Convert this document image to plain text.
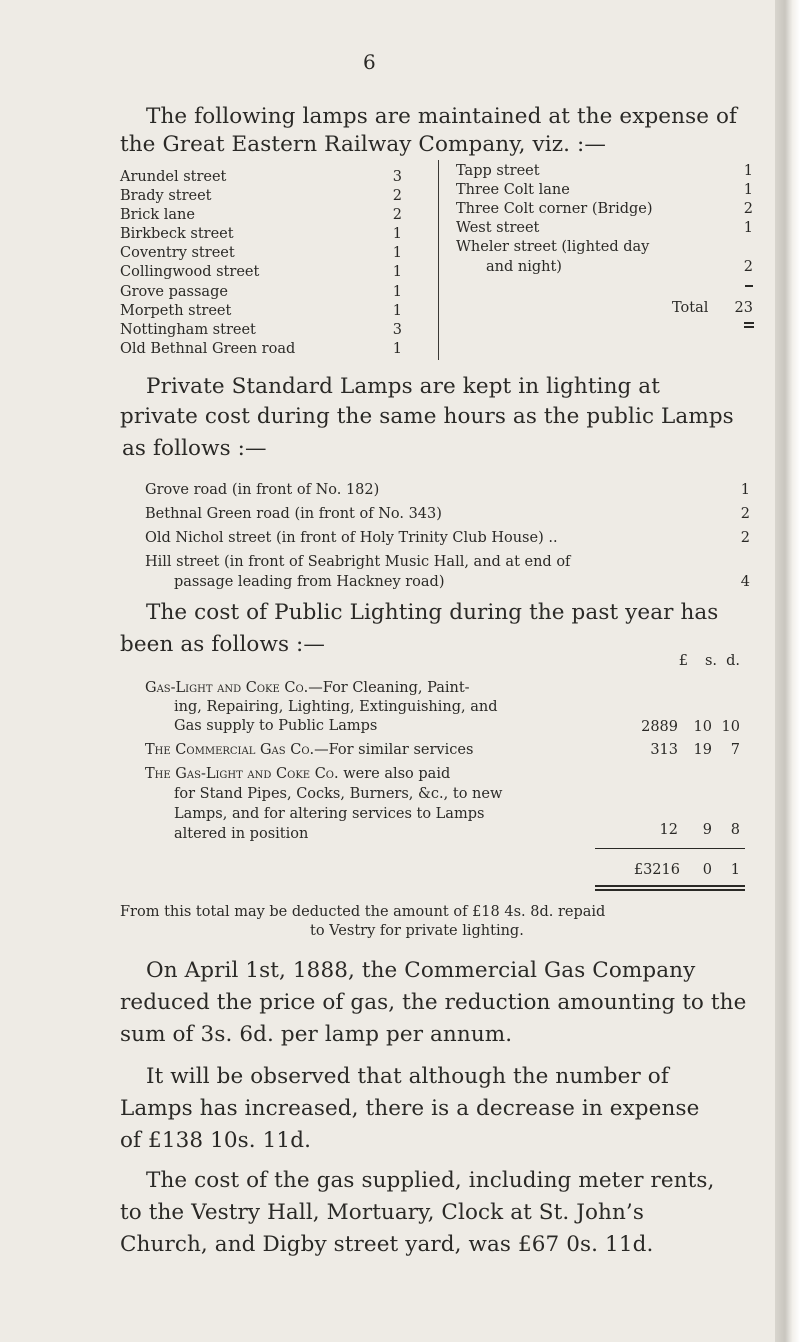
6
The following lamps are maintained at the expense of
the Great Eastern Railway Company, viz. :—
Arundel street	3
Brady street	2
Brick lane	2
Birkbeck street	1
Coventry street	1
Collingwood street	1
Grove passage	1
Morpeth street	1
Nottingham street	3
Old Bethnal Green road	1
Tapp street	1
Three Colt lane	1
Three Colt corner (Bridge)	2
West street	1
Wheler street (lighted day
and night)	2
Total 23
Private Standard Lamps are kept in lighting at
private cost during the same hours as the public Lamps
as follows :—
Grove road (in front of No. 182)	1
Bethnal Green road (in front of No. 343)	2
Old Nichol street (in front of Holy Trinity Club House) ..	2
Hill street (in front of Seabright Music Hall, and at end of
passage leading from Hackney road)	4
The cost of Public Lighting during the past year has
been as follows :—
£	s. d.
Gas-Light and Coke Co.—For Cleaning, Paint-
ing, Repairing, Lighting, Extinguishing, and
Gas supply to Public Lamps	2889 10 10
The Commercial Gas Co.—For similar services	313 19	7
The Gas-Light and Coke Co. were also paid
for Stand Pipes, Cocks, Burners, &c., to new
Lamps, and for altering services to Lamps
altered in position	12	9	8
£3216	0	1
From this total may be deducted the amount of £18 4s. 8d. repaid
to Vestry for private lighting.
On April 1st, 1888, the Commercial Gas Company
reduced the price of gas, the reduction amounting to the
sum of 3s. 6d. per lamp per annum.
It will be observed that although the number of
Lamps has increased, there is a decrease in expense
of £138 10s. 11d.
The cost of the gas supplied, including meter rents,
to the Vestry Hall, Mortuary, Clock at St. John’s
Church, and Digby street yard, was £67 0s. 11d.
